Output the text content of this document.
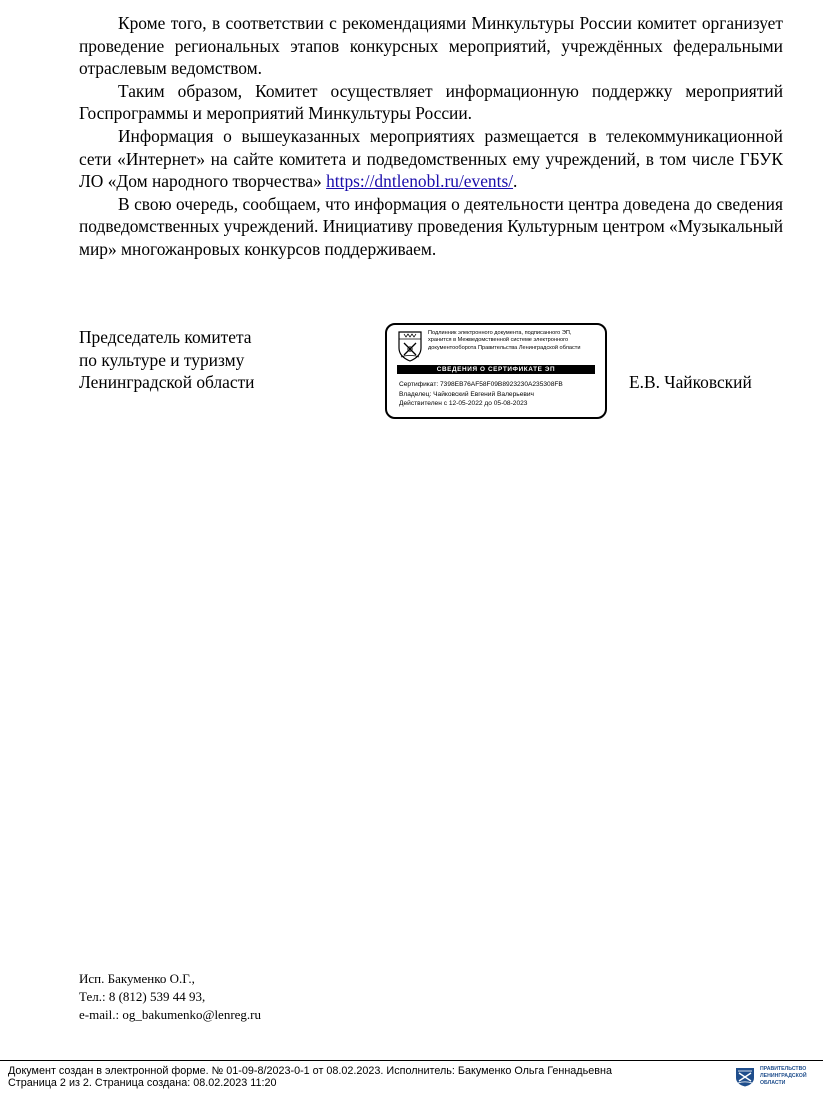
Кроме того, в соответствии с рекомендациями Минкультуры России комитет организует проведение региональных этапов конкурсных мероприятий, учреждённых федеральными отраслевым ведомством.

Таким образом, Комитет осуществляет информационную поддержку мероприятий Госпрограммы и мероприятий Минкультуры России.

Информация о вышеуказанных мероприятиях размещается в телекоммуникационной сети «Интернет» на сайте комитета и подведомственных ему учреждений, в том числе ГБУК ЛО «Дом народного творчества» https://dntlenobl.ru/events/.

В свою очередь, сообщаем, что информация о деятельности центра доведена до сведения подведомственных учреждений. Инициативу проведения Культурным центром «Музыкальный мир» многожанровых конкурсов поддерживаем.

Председатель комитета
по культуре и туризму
Ленинградской области
Подлинник электронного документа, подписанного ЭП,
хранится в Межведомственной системе электронного
документооборота Правительства Ленинградской области
СВЕДЕНИЯ О СЕРТИФИКАТЕ ЭП
Сертификат: 7398EB76AF58F09B8923230A235308FB
Владелец: Чайковский Евгений Валерьевич
Действителен с 12-05-2022 до 05-08-2023
Е.В. Чайковский
Исп. Бакуменко О.Г.,
Тел.: 8 (812) 539 44 93,
e-mail.: og_bakumenko@lenreg.ru
Документ создан в электронной форме. № 01-09-8/2023-0-1 от 08.02.2023. Исполнитель: Бакуменко Ольга Геннадьевна
Страница 2 из 2. Страница создана: 08.02.2023 11:20
ПРАВИТЕЛЬСТВО
ЛЕНИНГРАДСКОЙ
ОБЛАСТИ
